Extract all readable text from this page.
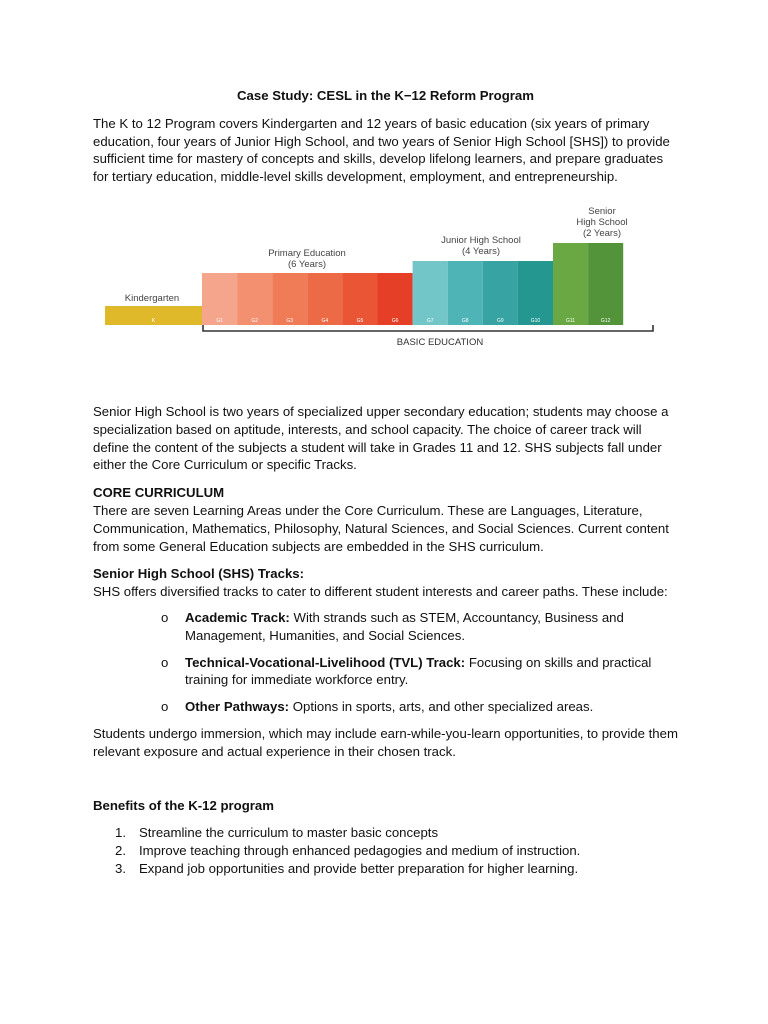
Case Study: CESL in the K−12 Reform Program

The K to 12 Program covers Kindergarten and 12 years of basic education (six years of primary education, four years of Junior High School, and two years of Senior High School [SHS]) to provide sufficient time for mastery of concepts and skills, develop lifelong learners, and prepare graduates for tertiary education, middle-level skills development, employment, and entrepreneurship.

K	G1	G2	G3	G4	G5	G6	G7	G8	G9	G10	G11	G12
Kindergarten
Primary Education
(6 Years)
Junior High School
(4 Years)
Senior
High School
(2 Years)
BASIC EDUCATION

Senior High School is two years of specialized upper secondary education; students may choose a specialization based on aptitude, interests, and school capacity. The choice of career track will define the content of the subjects a student will take in Grades 11 and 12. SHS subjects fall under either the Core Curriculum or specific Tracks.

CORE CURRICULUM

There are seven Learning Areas under the Core Curriculum. These are Languages, Literature, Communication, Mathematics, Philosophy, Natural Sciences, and Social Sciences. Current content from some General Education subjects are embedded in the SHS curriculum.

Senior High School (SHS) Tracks:

SHS offers diversified tracks to cater to different student interests and career paths. These include:

o Academic Track: With strands such as STEM, Accountancy, Business and Management, Humanities, and Social Sciences.
o Technical-Vocational-Livelihood (TVL) Track: Focusing on skills and practical training for immediate workforce entry.
o Other Pathways: Options in sports, arts, and other specialized areas.

Students undergo immersion, which may include earn-while-you-learn opportunities, to provide them relevant exposure and actual experience in their chosen track.

Benefits of the K-12 program

1. Streamline the curriculum to master basic concepts
2. Improve teaching through enhanced pedagogies and medium of instruction.
3. Expand job opportunities and provide better preparation for higher learning.
